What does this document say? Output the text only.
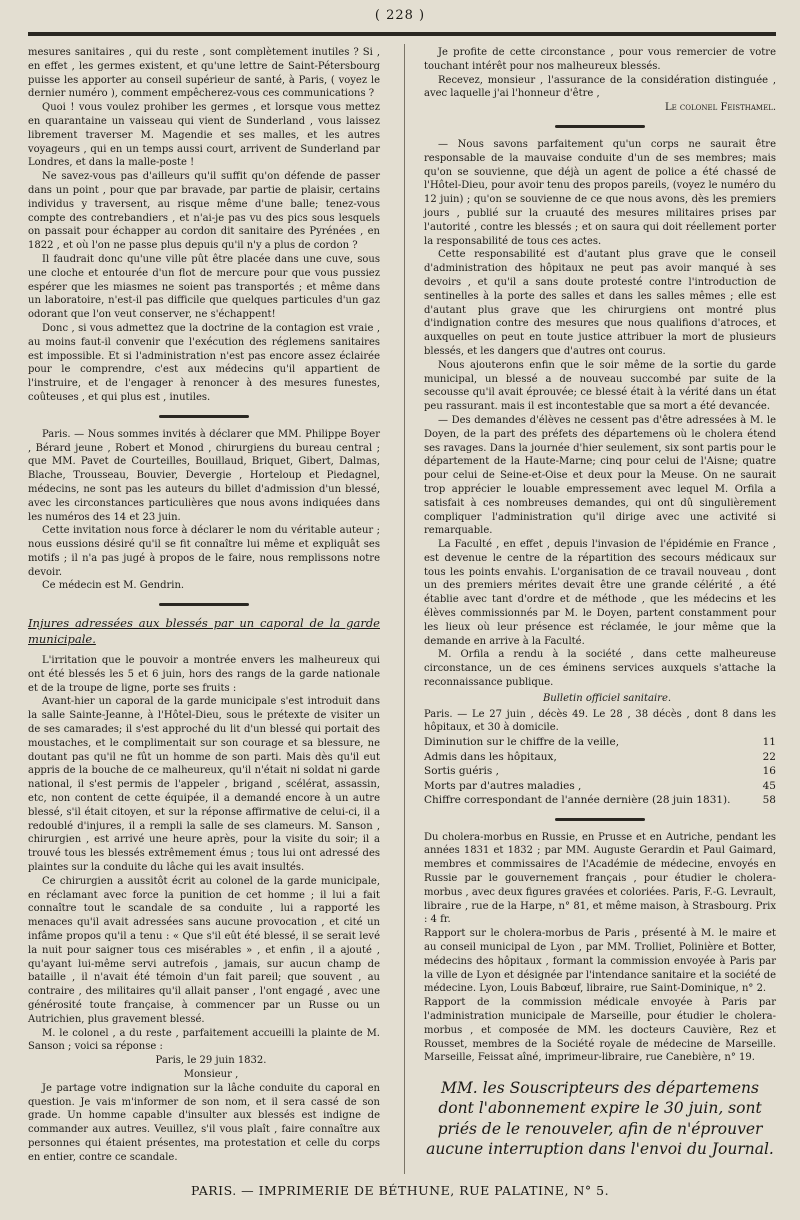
( 228 )

mesures sanitaires , qui du reste , sont complètement inutiles ? Si , en effet , les germes existent, et qu'une lettre de Saint-Pétersbourg puisse les apporter au conseil supérieur de santé, à Paris, ( voyez le dernier numéro ), comment empêcherez-vous ces communications ?

Quoi ! vous voulez prohiber les germes , et lorsque vous mettez en quarantaine un vaisseau qui vient de Sunderland , vous laissez librement traverser M. Magendie et ses malles, et les autres voyageurs , qui en un temps aussi court, arrivent de Sunderland par Londres, et dans la malle-poste !

Ne savez-vous pas d'ailleurs qu'il suffit qu'on défende de passer dans un point , pour que par bravade, par partie de plaisir, certains individus y traversent, au risque même d'une balle; tenez-vous compte des contrebandiers , et n'ai-je pas vu des pics sous lesquels on passait pour échapper au cordon dit sanitaire des Pyrénées , en 1822 , et où l'on ne passe plus depuis qu'il n'y a plus de cordon ?

Il faudrait donc qu'une ville pût être placée dans une cuve, sous une cloche et entourée d'un flot de mercure pour que vous pussiez espérer que les miasmes ne soient pas transportés ; et même dans un laboratoire, n'est-il pas difficile que quelques particules d'un gaz odorant que l'on veut conserver, ne s'échappent!

Donc , si vous admettez que la doctrine de la contagion est vraie , au moins faut-il convenir que l'exécution des réglemens sanitaires est impossible. Et si l'administration n'est pas encore assez éclairée pour le comprendre, c'est aux médecins qu'il appartient de l'instruire, et de l'engager à renoncer à des mesures funestes, coûteuses , et qui plus est , inutiles.

Paris. — Nous sommes invités à déclarer que MM. Philippe Boyer , Bérard jeune , Robert et Monod , chirurgiens du bureau central ; que MM. Pavet de Courteilles, Bouillaud, Briquet, Gibert, Dalmas, Blache, Trousseau, Bouvier, Devergie , Horteloup et Piedagnel, médecins, ne sont pas les auteurs du billet d'admission d'un blessé, avec les circonstances particulières que nous avons indiquées dans les numéros des 14 et 23 juin.

Cette invitation nous force à déclarer le nom du véritable auteur ; nous eussions désiré qu'il se fit connaître lui même et expliquât ses motifs ; il n'a pas jugé à propos de le faire, nous remplissons notre devoir.

Ce médecin est M. Gendrin.

Injures adressées aux blessés par un caporal de la garde municipale.

L'irritation que le pouvoir a montrée envers les malheureux qui ont été blessés les 5 et 6 juin, hors des rangs de la garde nationale et de la troupe de ligne, porte ses fruits :

Avant-hier un caporal de la garde municipale s'est introduit dans la salle Sainte-Jeanne, à l'Hôtel-Dieu, sous le prétexte de visiter un de ses camarades; il s'est approché du lit d'un blessé qui portait des moustaches, et le complimentait sur son courage et sa blessure, ne doutant pas qu'il ne fût un homme de son parti. Mais dès qu'il eut appris de la bouche de ce malheureux, qu'il n'était ni soldat ni garde national, il s'est permis de l'appeler , brigand , scélérat, assassin, etc, non content de cette équipée, il a demandé encore à un autre blessé, s'il était citoyen, et sur la réponse affirmative de celui-ci, il a redoublé d'injures, il a rempli la salle de ses clameurs. M. Sanson , chirurgien , est arrivé une heure après, pour la visite du soir; il a trouvé tous les blessés extrêmement émus ; tous lui ont adressé des plaintes sur la conduite du lâche qui les avait insultés.

Ce chirurgien a aussitôt écrit au colonel de la garde municipale, en réclamant avec force la punition de cet homme ; il lui a fait connaître tout le scandale de sa conduite , lui a rapporté les menaces qu'il avait adressées sans aucune provocation , et cité un infâme propos qu'il a tenu : « Que s'il eût été blessé, il se serait levé la nuit pour saigner tous ces misérables » , et enfin , il a ajouté , qu'ayant lui-même servi autrefois , jamais, sur aucun champ de bataille , il n'avait été témoin d'un fait pareil; que souvent , au contraire , des militaires qu'il allait panser , l'ont engagé , avec une générosité toute française, à commencer par un Russe ou un Autrichien, plus gravement blessé.

M. le colonel , a du reste , parfaitement accueilli la plainte de M. Sanson ; voici sa réponse :

Paris, le 29 juin 1832.

Monsieur ,

Je partage votre indignation sur la lâche conduite du caporal en question. Je vais m'informer de son nom, et il sera cassé de son grade. Un homme capable d'insulter aux blessés est indigne de commander aux autres. Veuillez, s'il vous plaît , faire connaître aux personnes qui étaient présentes, ma protestation et celle du corps en entier, contre ce scandale.

Je profite de cette circonstance , pour vous remercier de votre touchant intérêt pour nos malheureux blessés.

Recevez, monsieur , l'assurance de la considération distinguée , avec laquelle j'ai l'honneur d'être ,

Le colonel Feisthamel.

— Nous savons parfaitement qu'un corps ne saurait être responsable de la mauvaise conduite d'un de ses membres; mais qu'on se souvienne, que déjà un agent de police a été chassé de l'Hôtel-Dieu, pour avoir tenu des propos pareils, (voyez le numéro du 12 juin) ; qu'on se souvienne de ce que nous avons, dès les premiers jours , publié sur la cruauté des mesures militaires prises par l'autorité , contre les blessés ; et on saura qui doit réellement porter la responsabilité de tous ces actes.

Cette responsabilité est d'autant plus grave que le conseil d'administration des hôpitaux ne peut pas avoir manqué à ses devoirs , et qu'il a sans doute protesté contre l'introduction de sentinelles à la porte des salles et dans les salles mêmes ; elle est d'autant plus grave que les chirurgiens ont montré plus d'indignation contre des mesures que nous qualifions d'atroces, et auxquelles on peut en toute justice attribuer la mort de plusieurs blessés, et les dangers que d'autres ont courus.

Nous ajouterons enfin que le soir même de la sortie du garde municipal, un blessé a de nouveau succombé par suite de la secousse qu'il avait éprouvée; ce blessé était à la vérité dans un état peu rassurant. mais il est incontestable que sa mort a été devancée.

— Des demandes d'élèves ne cessent pas d'être adressées à M. le Doyen, de la part des préfets des départemens où le cholera étend ses ravages. Dans la journée d'hier seulement, six sont partis pour le département de la Haute-Marne; cinq pour celui de l'Aisne; quatre pour celui de Seine-et-Oise et deux pour la Meuse. On ne saurait trop apprécier le louable empressement avec lequel M. Orfila a satisfait à ces nombreuses demandes, qui ont dû singulièrement compliquer l'administration qu'il dirige avec une activité si remarquable.

La Faculté , en effet , depuis l'invasion de l'épidémie en France , est devenue le centre de la répartition des secours médicaux sur tous les points envahis. L'organisation de ce travail nouveau , dont un des premiers mérites devait être une grande célérité , a été établie avec tant d'ordre et de méthode , que les médecins et les élèves commissionnés par M. le Doyen, partent constamment pour les lieux où leur présence est réclamée, le jour même que la demande en arrive à la Faculté.

M. Orfila a rendu à la société , dans cette malheureuse circonstance, un de ces éminens services auxquels s'attache la reconnaissance publique.

Bulletin officiel sanitaire.

Paris. — Le 27 juin , décès 49. Le 28 , 38 décès , dont 8 dans les hôpitaux, et 30 à domicile.

Diminution sur le chiffre de la veille,	11
Admis dans les hôpitaux,	22
Sortis guéris ,	16
Morts par d'autres maladies ,	45
Chiffre correspondant de l'année dernière (28 juin 1831).	58

Du cholera-morbus en Russie, en Prusse et en Autriche, pendant les années 1831 et 1832 ; par MM. Auguste Gerardin et Paul Gaimard, membres et commissaires de l'Académie de médecine, envoyés en Russie par le gouvernement français , pour étudier le cholera-morbus , avec deux figures gravées et coloriées. Paris, F.-G. Levrault, libraire , rue de la Harpe, n° 81, et même maison, à Strasbourg. Prix : 4 fr.

Rapport sur le cholera-morbus de Paris , présenté à M. le maire et au conseil municipal de Lyon , par MM. Trolliet, Polinière et Botter, médecins des hôpitaux , formant la commission envoyée à Paris par la ville de Lyon et désignée par l'intendance sanitaire et la société de médecine. Lyon, Louis Babœuf, libraire, rue Saint-Dominique, n° 2.

Rapport de la commission médicale envoyée à Paris par l'administration municipale de Marseille, pour étudier le cholera-morbus , et composée de MM. les docteurs Cauvière, Rez et Rousset, membres de la Société royale de médecine de Marseille. Marseille, Feissat aîné, imprimeur-libraire, rue Canebière, n° 19.

MM. les Souscripteurs des départemens dont l'abonnement expire le 30 juin, sont priés de le renouveler, afin de n'éprouver aucune interruption dans l'envoi du Journal.
PARIS. — IMPRIMERIE DE BÉTHUNE, RUE PALATINE, N° 5.
